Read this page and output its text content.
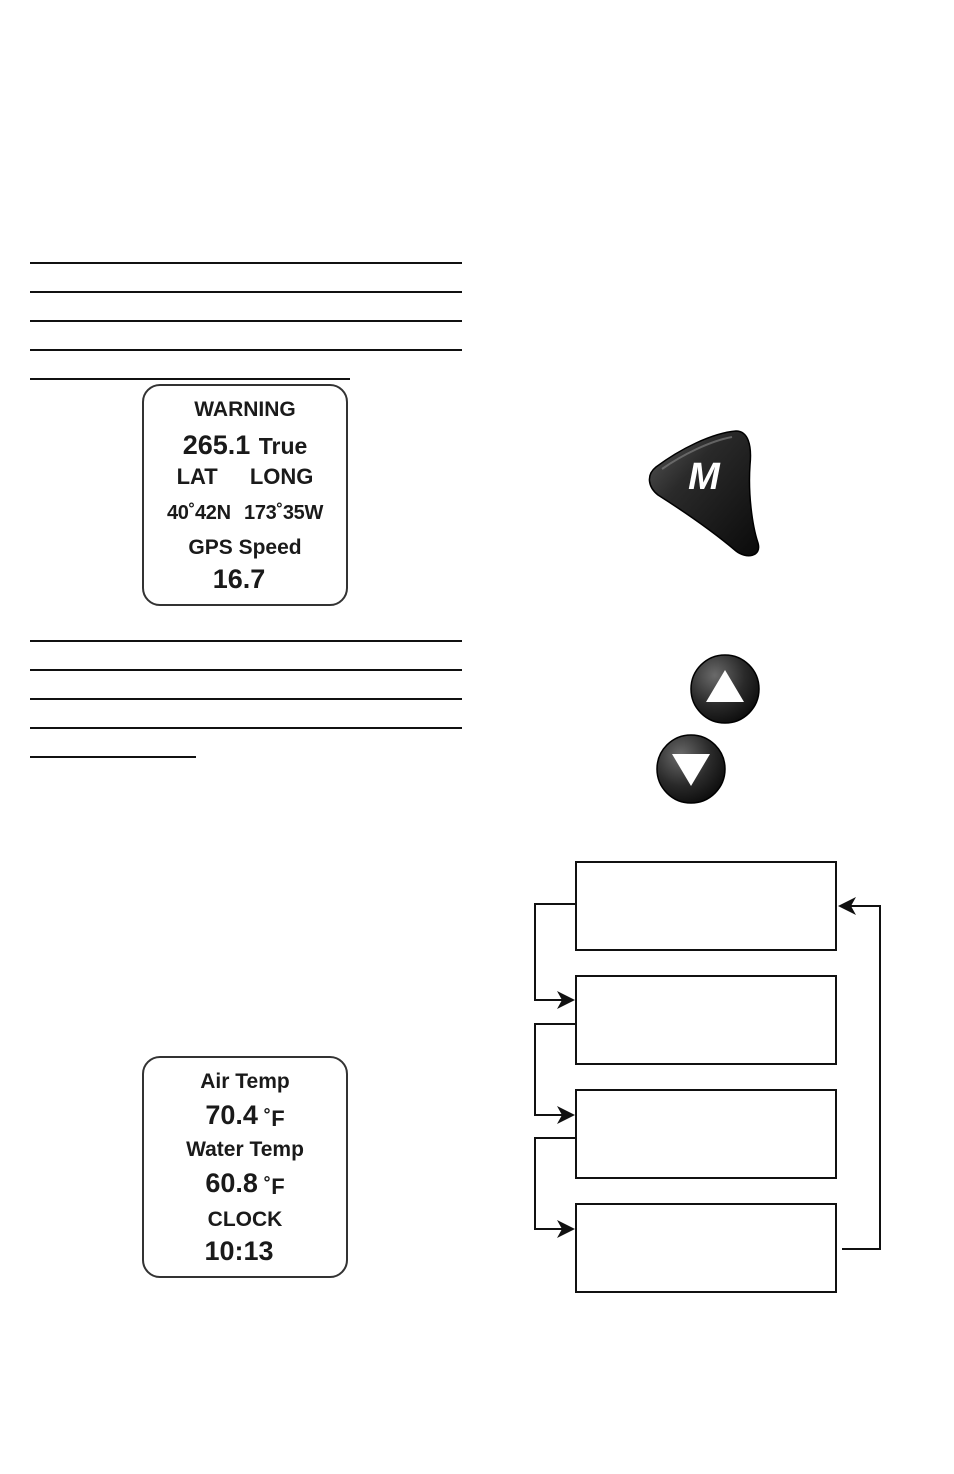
WARNING
265.1 True
LAT LONG
40˚42N 173˚35W
GPS Speed
16.7
Air Temp
70.4 ˚F
Water Temp
60.8 ˚F
CLOCK
10:13
M
